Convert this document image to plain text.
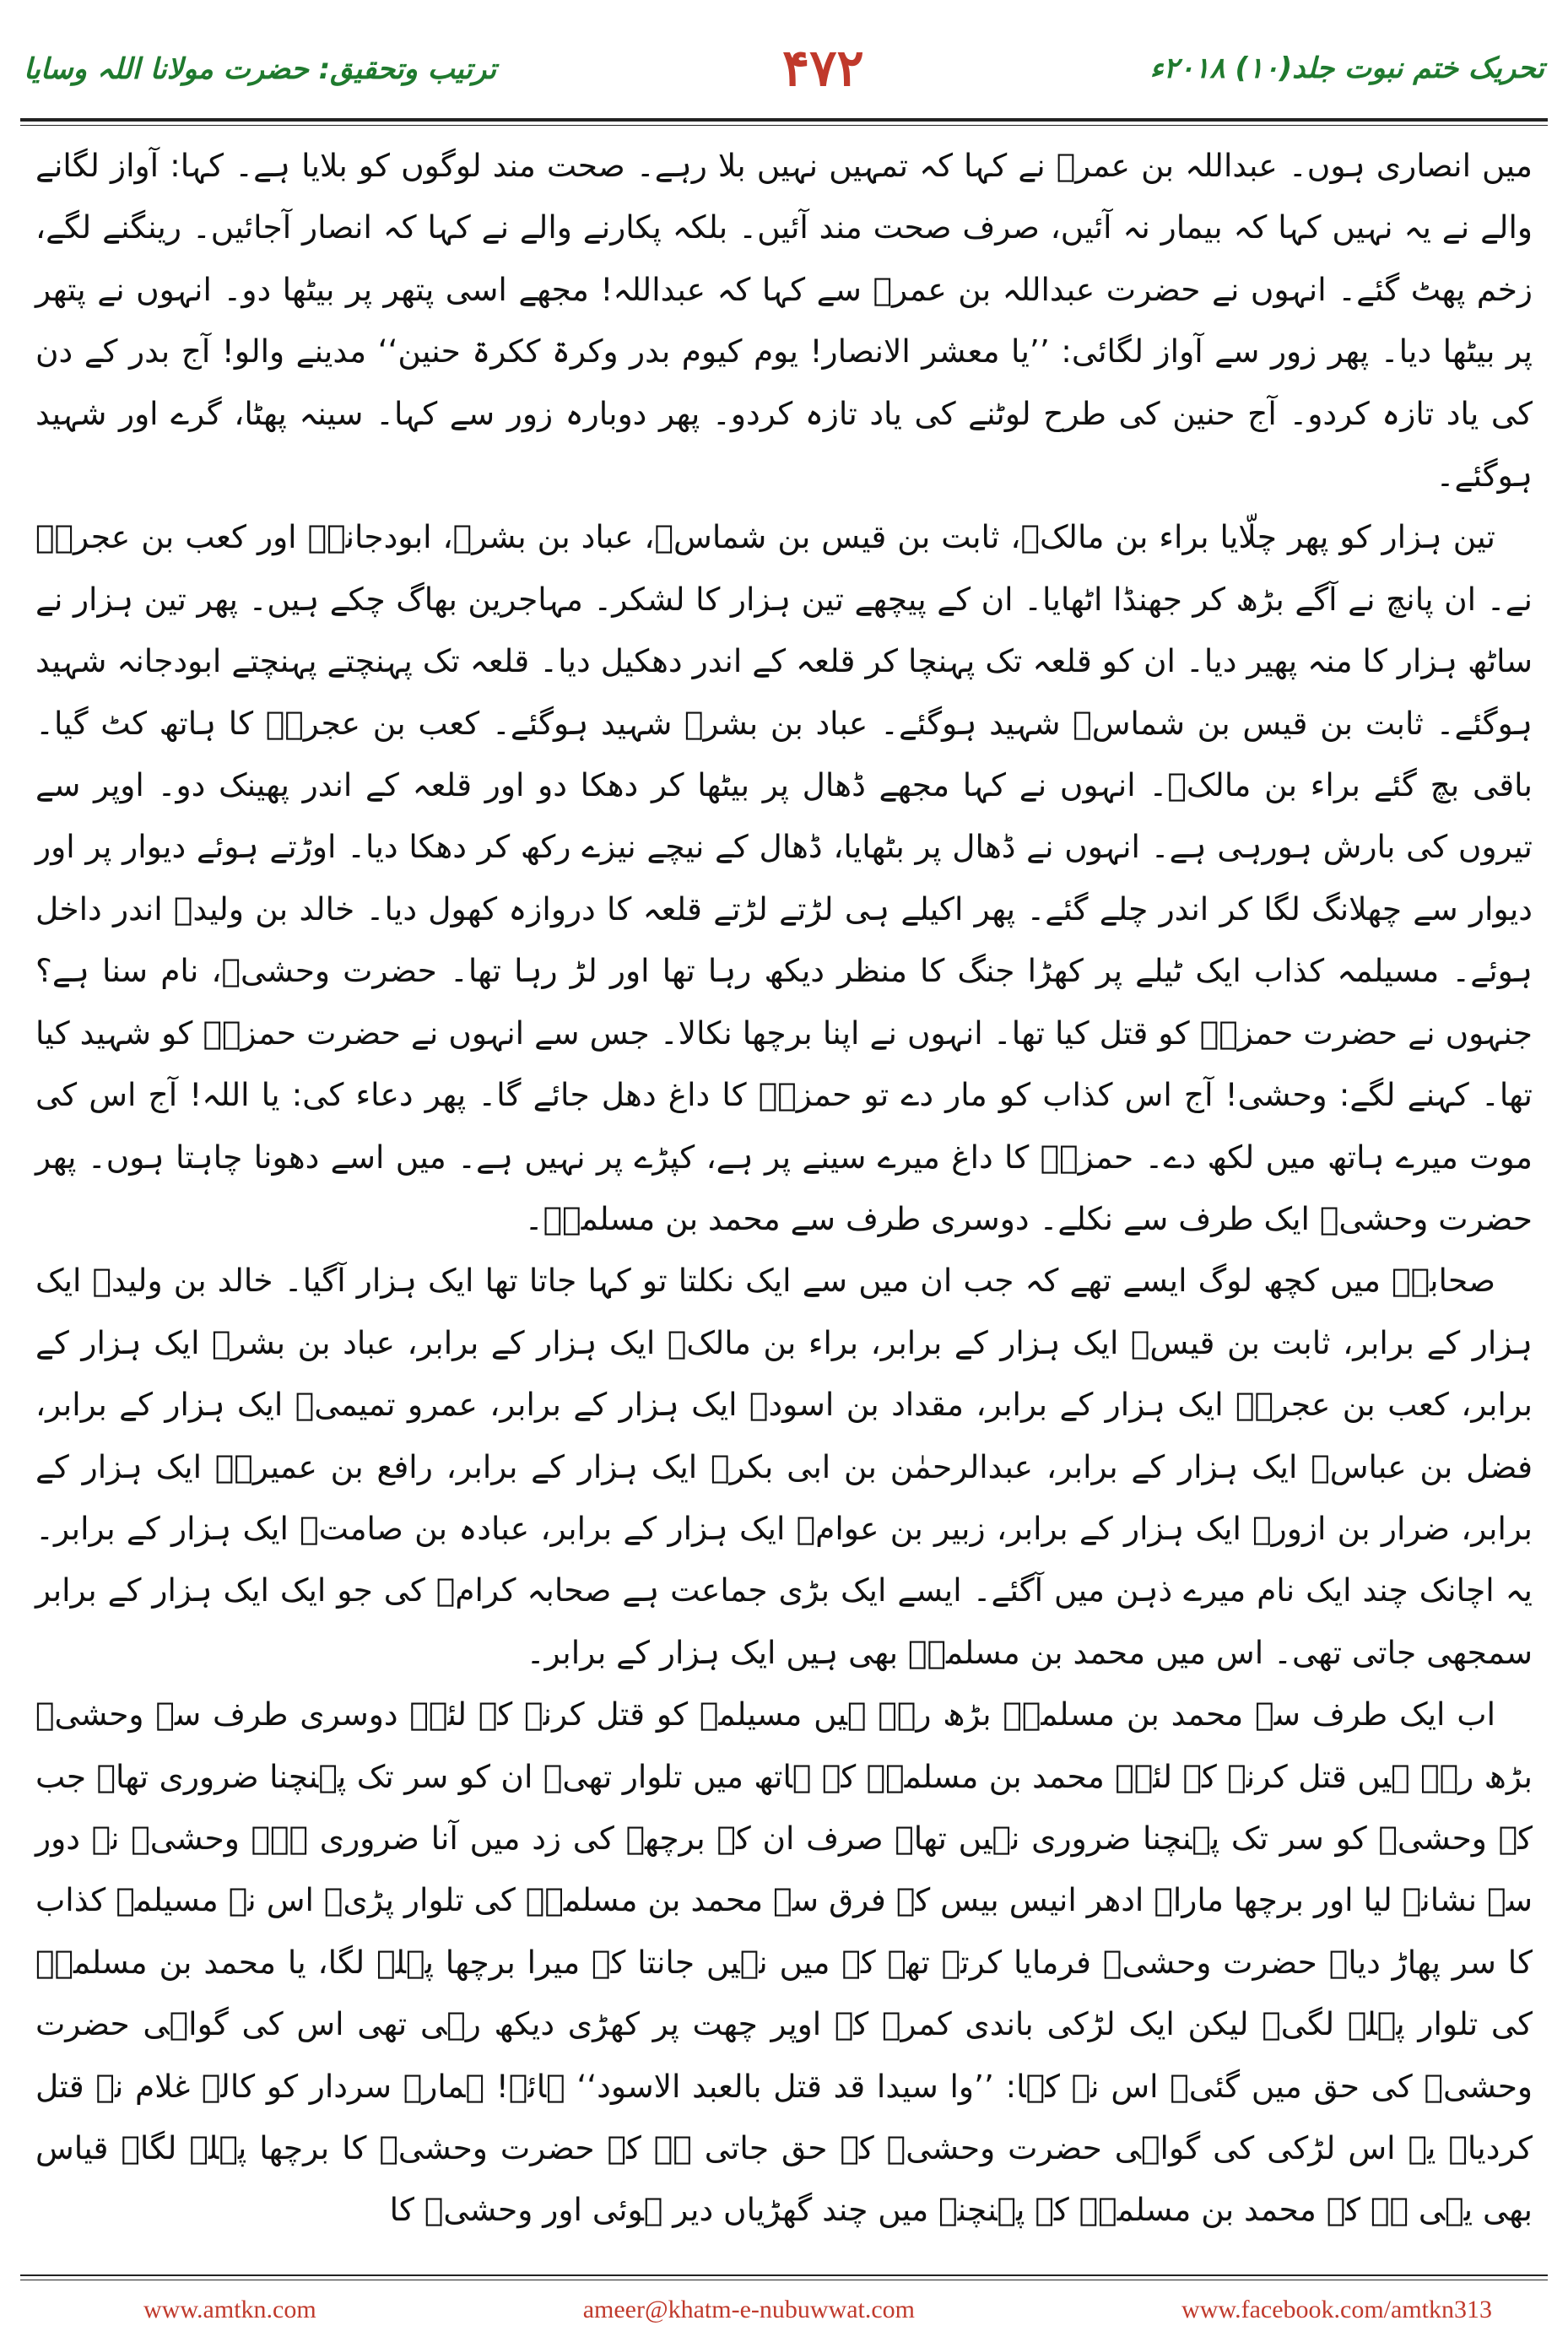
تحریک ختم نبوت جلد(۱۰) ۲۰۱۸ء
۴۷۲
ترتیب وتحقیق: حضرت مولانا اللہ وسایا

میں انصاری ہوں۔ عبداللہ بن عمرؓ نے کہا کہ تمہیں نہیں بلا رہے۔ صحت مند لوگوں کو بلایا ہے۔ کہا: آواز لگانے والے نے یہ نہیں کہا کہ بیمار نہ آئیں، صرف صحت مند آئیں۔ بلکہ پکارنے والے نے کہا کہ انصار آجائیں۔ رینگنے لگے، زخم پھٹ گئے۔ انہوں نے حضرت عبداللہ بن عمرؓ سے کہا کہ عبداللہ! مجھے اسی پتھر پر بیٹھا دو۔ انہوں نے پتھر پر بیٹھا دیا۔ پھر زور سے آواز لگائی: ’’یا معشر الانصار! یوم کیوم بدر وکرۃ ککرۃ حنین‘‘ مدینے والو! آج بدر کے دن کی یاد تازہ کردو۔ آج حنین کی طرح لوٹنے کی یاد تازہ کردو۔ پھر دوبارہ زور سے کہا۔ سینہ پھٹا، گرے اور شہید ہوگئے۔

تین ہزار کو پھر چلّایا براء بن مالکؓ، ثابت بن قیس بن شماسؓ، عباد بن بشرؓ، ابودجانہؓ اور کعب بن عجرہؓ نے۔ ان پانچ نے آگے بڑھ کر جھنڈا اٹھایا۔ ان کے پیچھے تین ہزار کا لشکر۔ مہاجرین بھاگ چکے ہیں۔ پھر تین ہزار نے ساٹھ ہزار کا منہ پھیر دیا۔ ان کو قلعہ تک پہنچا کر قلعہ کے اندر دھکیل دیا۔ قلعہ تک پہنچتے پہنچتے ابودجانہ شہید ہوگئے۔ ثابت بن قیس بن شماسؓ شہید ہوگئے۔ عباد بن بشرؓ شہید ہوگئے۔ کعب بن عجرہؓ کا ہاتھ کٹ گیا۔ باقی بچ گئے براء بن مالکؓ۔ انہوں نے کہا مجھے ڈھال پر بیٹھا کر دھکا دو اور قلعہ کے اندر پھینک دو۔ اوپر سے تیروں کی بارش ہورہی ہے۔ انہوں نے ڈھال پر بٹھایا، ڈھال کے نیچے نیزے رکھ کر دھکا دیا۔ اوڑتے ہوئے دیوار پر اور دیوار سے چھلانگ لگا کر اندر چلے گئے۔ پھر اکیلے ہی لڑتے لڑتے قلعہ کا دروازہ کھول دیا۔ خالد بن ولیدؓ اندر داخل ہوئے۔ مسیلمہ کذاب ایک ٹیلے پر کھڑا جنگ کا منظر دیکھ رہا تھا اور لڑ رہا تھا۔ حضرت وحشیؓ، نام سنا ہے؟ جنہوں نے حضرت حمزہؓ کو قتل کیا تھا۔ انہوں نے اپنا برچھا نکالا۔ جس سے انہوں نے حضرت حمزہؓ کو شہید کیا تھا۔ کہنے لگے: وحشی! آج اس کذاب کو مار دے تو حمزہؓ کا داغ دھل جائے گا۔ پھر دعاء کی: یا اللہ! آج اس کی موت میرے ہاتھ میں لکھ دے۔ حمزہؓ کا داغ میرے سینے پر ہے، کپڑے پر نہیں ہے۔ میں اسے دھونا چاہتا ہوں۔ پھر حضرت وحشیؓ ایک طرف سے نکلے۔ دوسری طرف سے محمد بن مسلمہؓ۔

صحابہؓ میں کچھ لوگ ایسے تھے کہ جب ان میں سے ایک نکلتا تو کہا جاتا تھا ایک ہزار آگیا۔ خالد بن ولیدؓ ایک ہزار کے برابر، ثابت بن قیسؓ ایک ہزار کے برابر، براء بن مالکؓ ایک ہزار کے برابر، عباد بن بشرؓ ایک ہزار کے برابر، کعب بن عجرہؓ ایک ہزار کے برابر، مقداد بن اسودؓ ایک ہزار کے برابر، عمرو تمیمیؓ ایک ہزار کے برابر، فضل بن عباسؓ ایک ہزار کے برابر، عبدالرحمٰن بن ابی بکرؓ ایک ہزار کے برابر، رافع بن عمیرہؓ ایک ہزار کے برابر، ضرار بن ازورؓ ایک ہزار کے برابر، زبیر بن عوامؓ ایک ہزار کے برابر، عبادہ بن صامتؓ ایک ہزار کے برابر۔ یہ اچانک چند ایک نام میرے ذہن میں آگئے۔ ایسے ایک بڑی جماعت ہے صحابہ کرامؓ کی جو ایک ایک ہزار کے برابر سمجھی جاتی تھی۔ اس میں محمد بن مسلمہؓ بھی ہیں ایک ہزار کے برابر۔

اب ایک طرف سے محمد بن مسلمہؓ بڑھ رہے ہیں مسیلمہ کو قتل کرنے کے لئے۔ دوسری طرف سے وحشیؓ بڑھ رہے ہیں قتل کرنے کے لئے۔ محمد بن مسلمہؓ کے ہاتھ میں تلوار تھی۔ ان کو سر تک پہنچنا ضروری تھا۔ جب کہ وحشیؓ کو سر تک پہنچنا ضروری نہیں تھا۔ صرف ان کے برچھے کی زد میں آنا ضروری ہے۔ وحشیؓ نے دور سے نشانہ لیا اور برچھا مارا۔ ادھر انیس بیس کے فرق سے محمد بن مسلمہؓ کی تلوار پڑی۔ اس نے مسیلمہ کذاب کا سر پھاڑ دیا۔ حضرت وحشیؓ فرمایا کرتے تھے کہ میں نہیں جانتا کہ میرا برچھا پہلے لگا، یا محمد بن مسلمہؓ کی تلوار پہلے لگی۔ لیکن ایک لڑکی باندی کمرے کے اوپر چھت پر کھڑی دیکھ رہی تھی اس کی گواہی حضرت وحشیؓ کی حق میں گئی۔ اس نے کہا: ’’وا سیدا قد قتل بالعبد الاسود‘‘ ہائے! ہمارے سردار کو کالے غلام نے قتل کردیا۔ یہ اس لڑکی کی گواہی حضرت وحشیؓ کے حق جاتی ہے کہ حضرت وحشیؓ کا برچھا پہلے لگا۔ قیاس بھی یہی ہے کہ محمد بن مسلمہؓ کے پہنچنے میں چند گھڑیاں دیر ہوئی اور وحشیؓ کا

www.amtkn.com	ameer@khatm-e-nubuwwat.com	www.facebook.com/amtkn313
